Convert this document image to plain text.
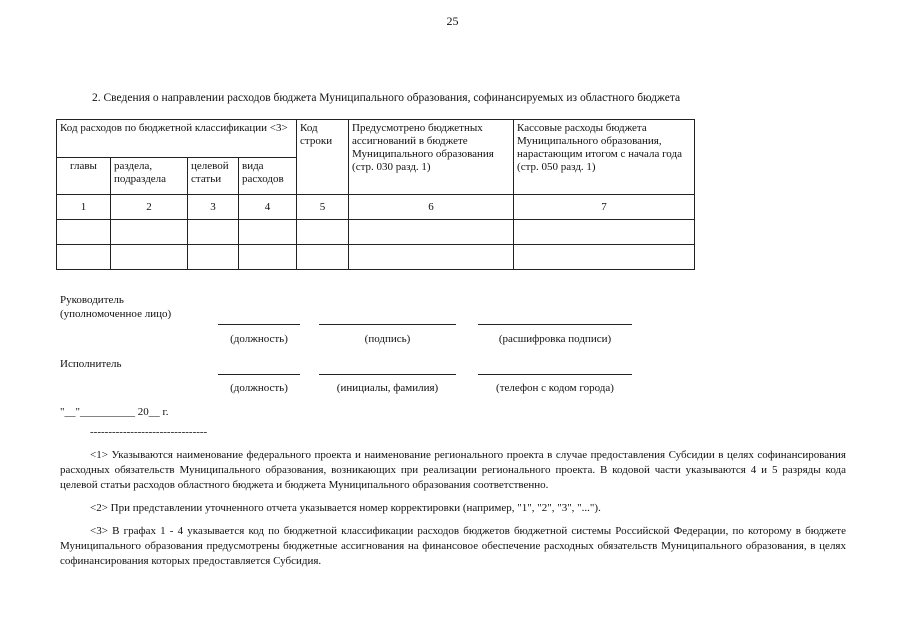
25
2. Сведения о направлении расходов бюджета Муниципального образования, софинансируемых из областного бюджета
Код расходов по бюджетной классификации <3>				Код строки	Предусмотрено бюджетных ассигнований в бюджете Муниципального образования (стр. 030 разд. 1)	Кассовые расходы бюджета Муниципального образования, нарастающим итогом с начала года (стр. 050 разд. 1)
главы	раздела, подраздела	целевой статьи	вида расходов			
1	2	3	4	5	6	7

Руководитель
(уполномоченное лицо)
(должность)	(подпись)	(расшифровка подписи)
Исполнитель
(должность)	(инициалы, фамилия)	(телефон с кодом города)
"__"__________ 20__ г.
--------------------------------
<1> Указываются наименование федерального проекта и наименование регионального проекта в случае предоставления Субсидии в целях софинансирования расходных обязательств Муниципального образования, возникающих при реализации регионального проекта. В кодовой части указываются 4 и 5 разряды кода целевой статьи расходов областного бюджета и бюджета Муниципального образования соответственно.
<2> При представлении уточненного отчета указывается номер корректировки (например, "1", "2", "3", "...").
<3> В графах 1 - 4 указывается код по бюджетной классификации расходов бюджетов бюджетной системы Российской Федерации, по которому в бюджете Муниципального образования предусмотрены бюджетные ассигнования на финансовое обеспечение расходных обязательств Муниципального образования, в целях софинансирования которых предоставляется Субсидия.
